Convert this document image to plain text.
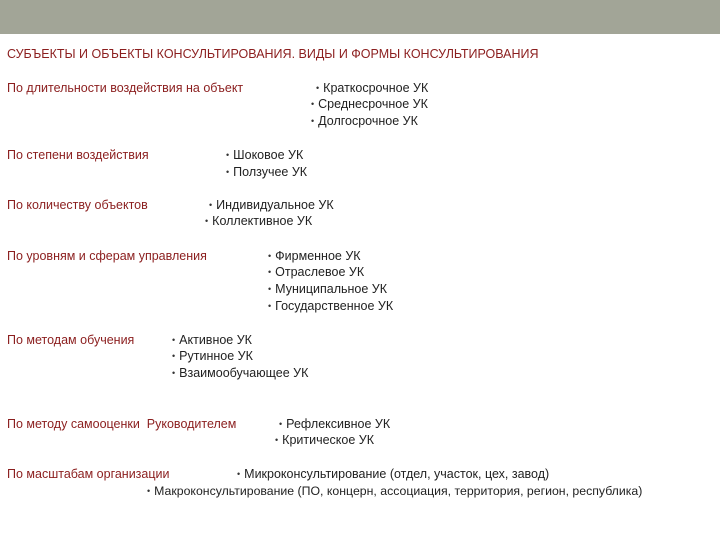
СУБЪЕКТЫ И ОБЪЕКТЫ КОНСУЛЬТИРОВАНИЯ. ВИДЫ И ФОРМЫ КОНСУЛЬТИРОВАНИЯ
По длительности воздействия на объект	• Краткосрочное УК
• Среднесрочное УК
• Долгосрочное УК
По степени воздействия	• Шоковое УК
• Ползучее УК
По количеству объектов	• Индивидуальное УК
• Коллективное УК
По уровням и сферам управления	• Фирменное УК
• Отраслевое УК
• Муниципальное УК
• Государственное УК
По методам обучения	• Активное УК
• Рутинное УК
• Взаимообучающее УК
По методу самооценки  Руководителем	• Рефлексивное УК
• Критическое УК
По масштабам организации	• Микроконсультирование (отдел, участок, цех, завод)
• Макроконсультирование (ПО, концерн, ассоциация, территория, регион, республика)
